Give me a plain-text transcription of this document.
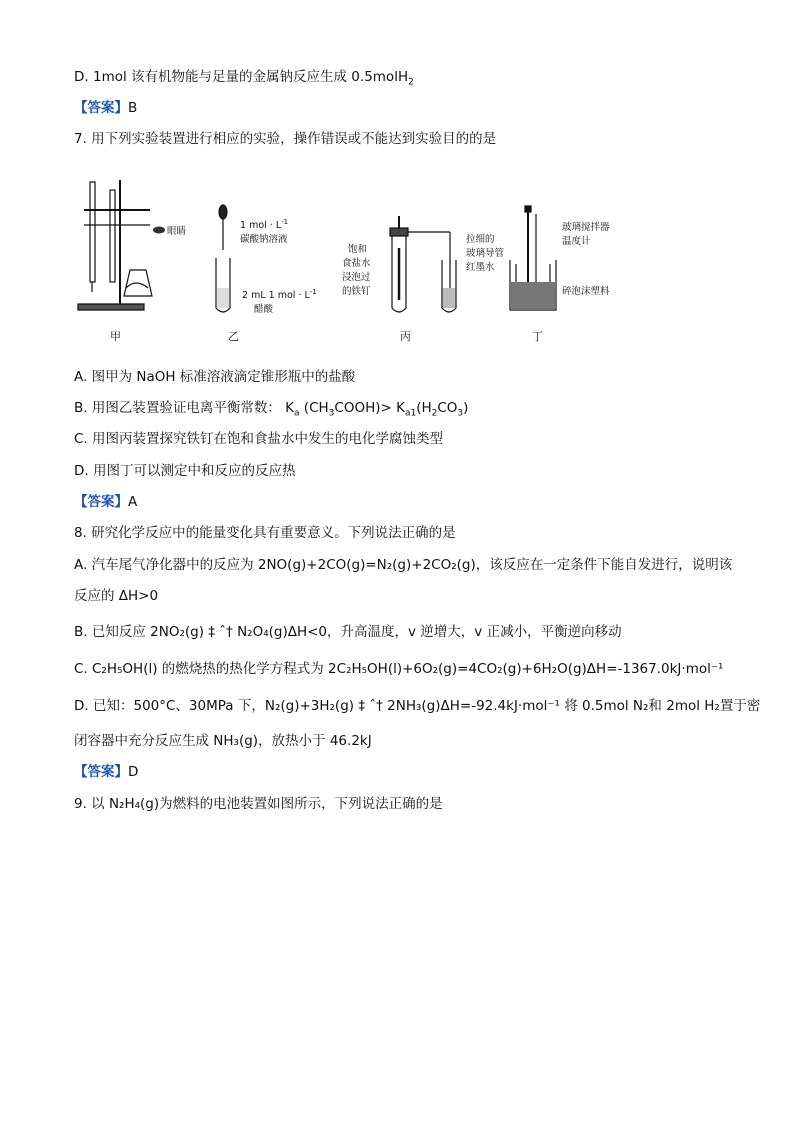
D. 1mol 该有机物能与足量的金属钠反应生成 0.5molH$_2$
【答案】B
7. 用下列实验装置进行相应的实验，操作错误或不能达到实验目的的是
眼睛
甲
1 mol · $L^{-1}$
碳酸钠溶液
2 mL 1 mol · $L^{-1}$
醋酸
乙
饱和
食盐水
浸泡过
的铁钉
拉细的
玻璃导管
红墨水
丙
玻璃搅拌器
温度计
碎泡沫塑料
丁
A. 图甲为 NaOH 标准溶液滴定锥形瓶中的盐酸
B. 用图乙装置验证电离平衡常数： $K_a$ $(CH_3COOH)> K_{a1}(H_2CO_3)$
C. 用图丙装置探究铁钉在饱和食盐水中发生的电化学腐蚀类型
D. 用图丁可以测定中和反应的反应热
【答案】A
8. 研究化学反应中的能量变化具有重要意义。下列说法正确的是
A. 汽车尾气净化器中的反应为 2NO(g)+2CO(g)=N₂(g)+2CO₂(g)，该反应在一定条件下能自发进行，说明该
反应的 ΔH>0
B. 已知反应 2NO₂(g) ‡ ˆ† N₂O₄(g)ΔH<0，升高温度，v 逆增大，v 正减小，平衡逆向移动
C. C₂H₅OH(l) 的燃烧热的热化学方程式为 2C₂H₅OH(l)+6O₂(g)=4CO₂(g)+6H₂O(g)ΔH=-1367.0kJ·mol⁻¹
D. 已知：500°C、30MPa 下，N₂(g)+3H₂(g) ‡ ˆ† 2NH₃(g)ΔH=-92.4kJ·mol⁻¹ 将 0.5mol N₂和 2mol H₂置于密
闭容器中充分反应生成 NH₃(g)，放热小于 46.2kJ
【答案】D
9. 以 N₂H₄(g)为燃料的电池装置如图所示，下列说法正确的是
